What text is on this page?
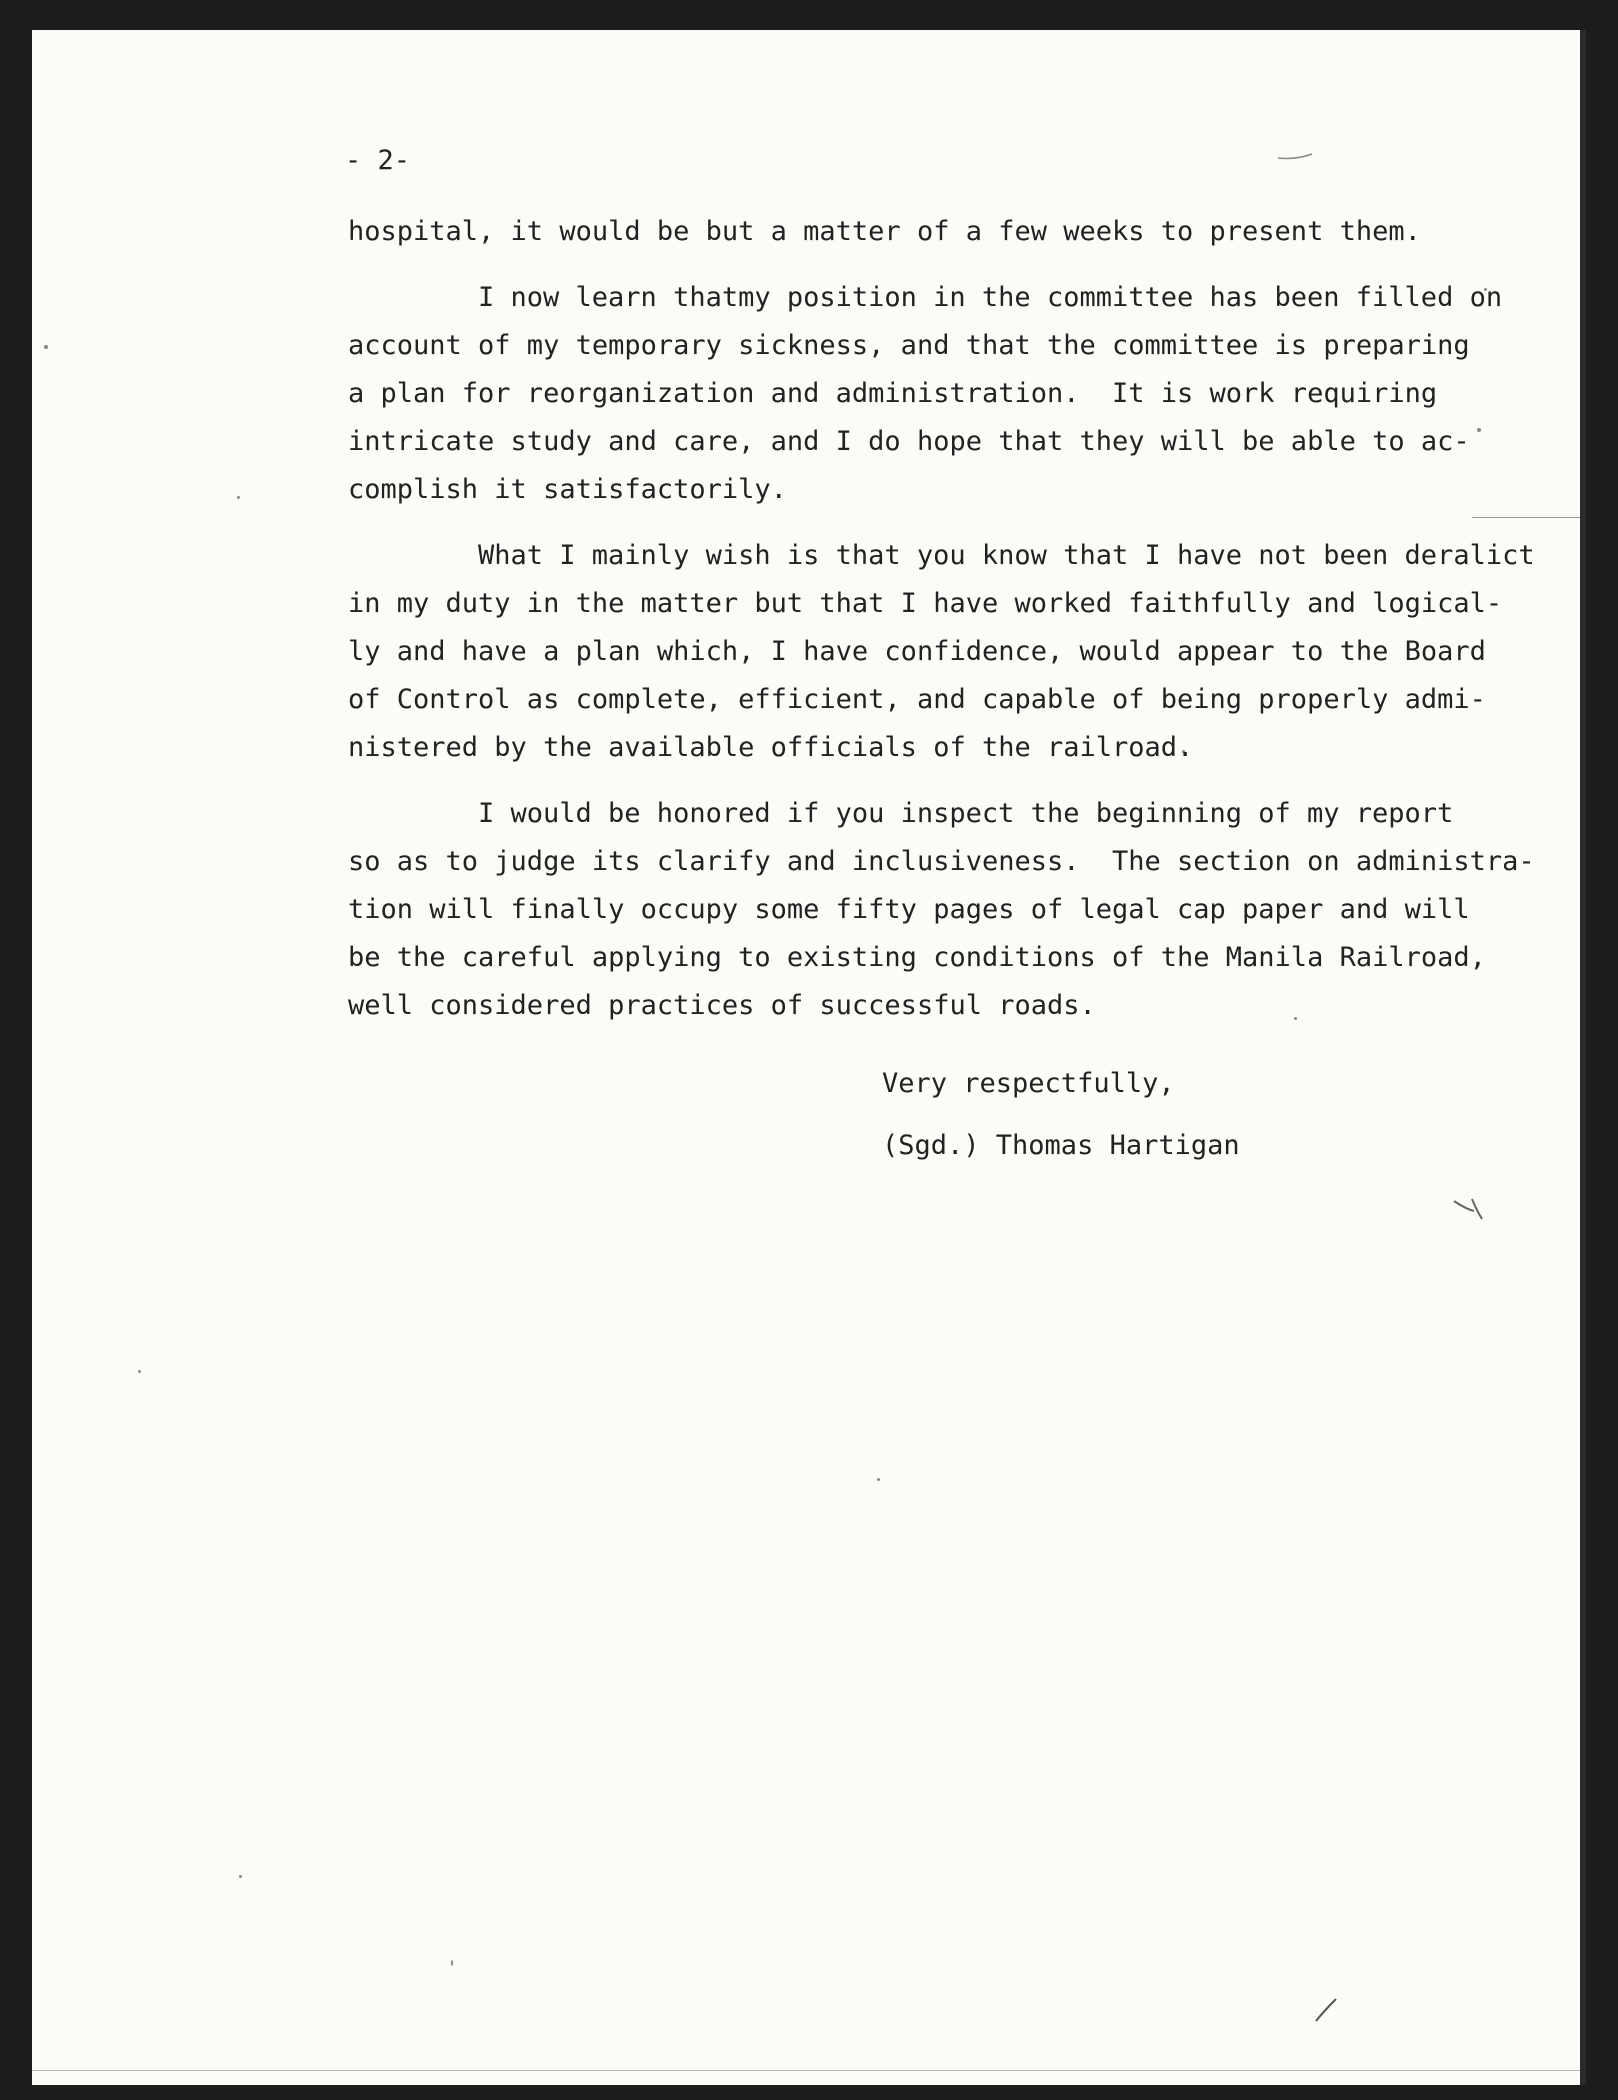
- 2-
hospital, it would be but a matter of a few weeks to present them.
I now learn thatmy position in the committee has been filled on
account of my temporary sickness, and that the committee is preparing
a plan for reorganization and administration.  It is work requiring
intricate study and care, and I do hope that they will be able to ac-
complish it satisfactorily.
What I mainly wish is that you know that I have not been deralict
in my duty in the matter but that I have worked faithfully and logical-
ly and have a plan which, I have confidence, would appear to the Board
of Control as complete, efficient, and capable of being properly admi-
nistered by the available officials of the railroad.
I would be honored if you inspect the beginning of my report
so as to judge its clarify and inclusiveness.  The section on administra-
tion will finally occupy some fifty pages of legal cap paper and will
be the careful applying to existing conditions of the Manila Railroad,
well considered practices of successful roads.
Very respectfully,
(Sgd.) Thomas Hartigan
